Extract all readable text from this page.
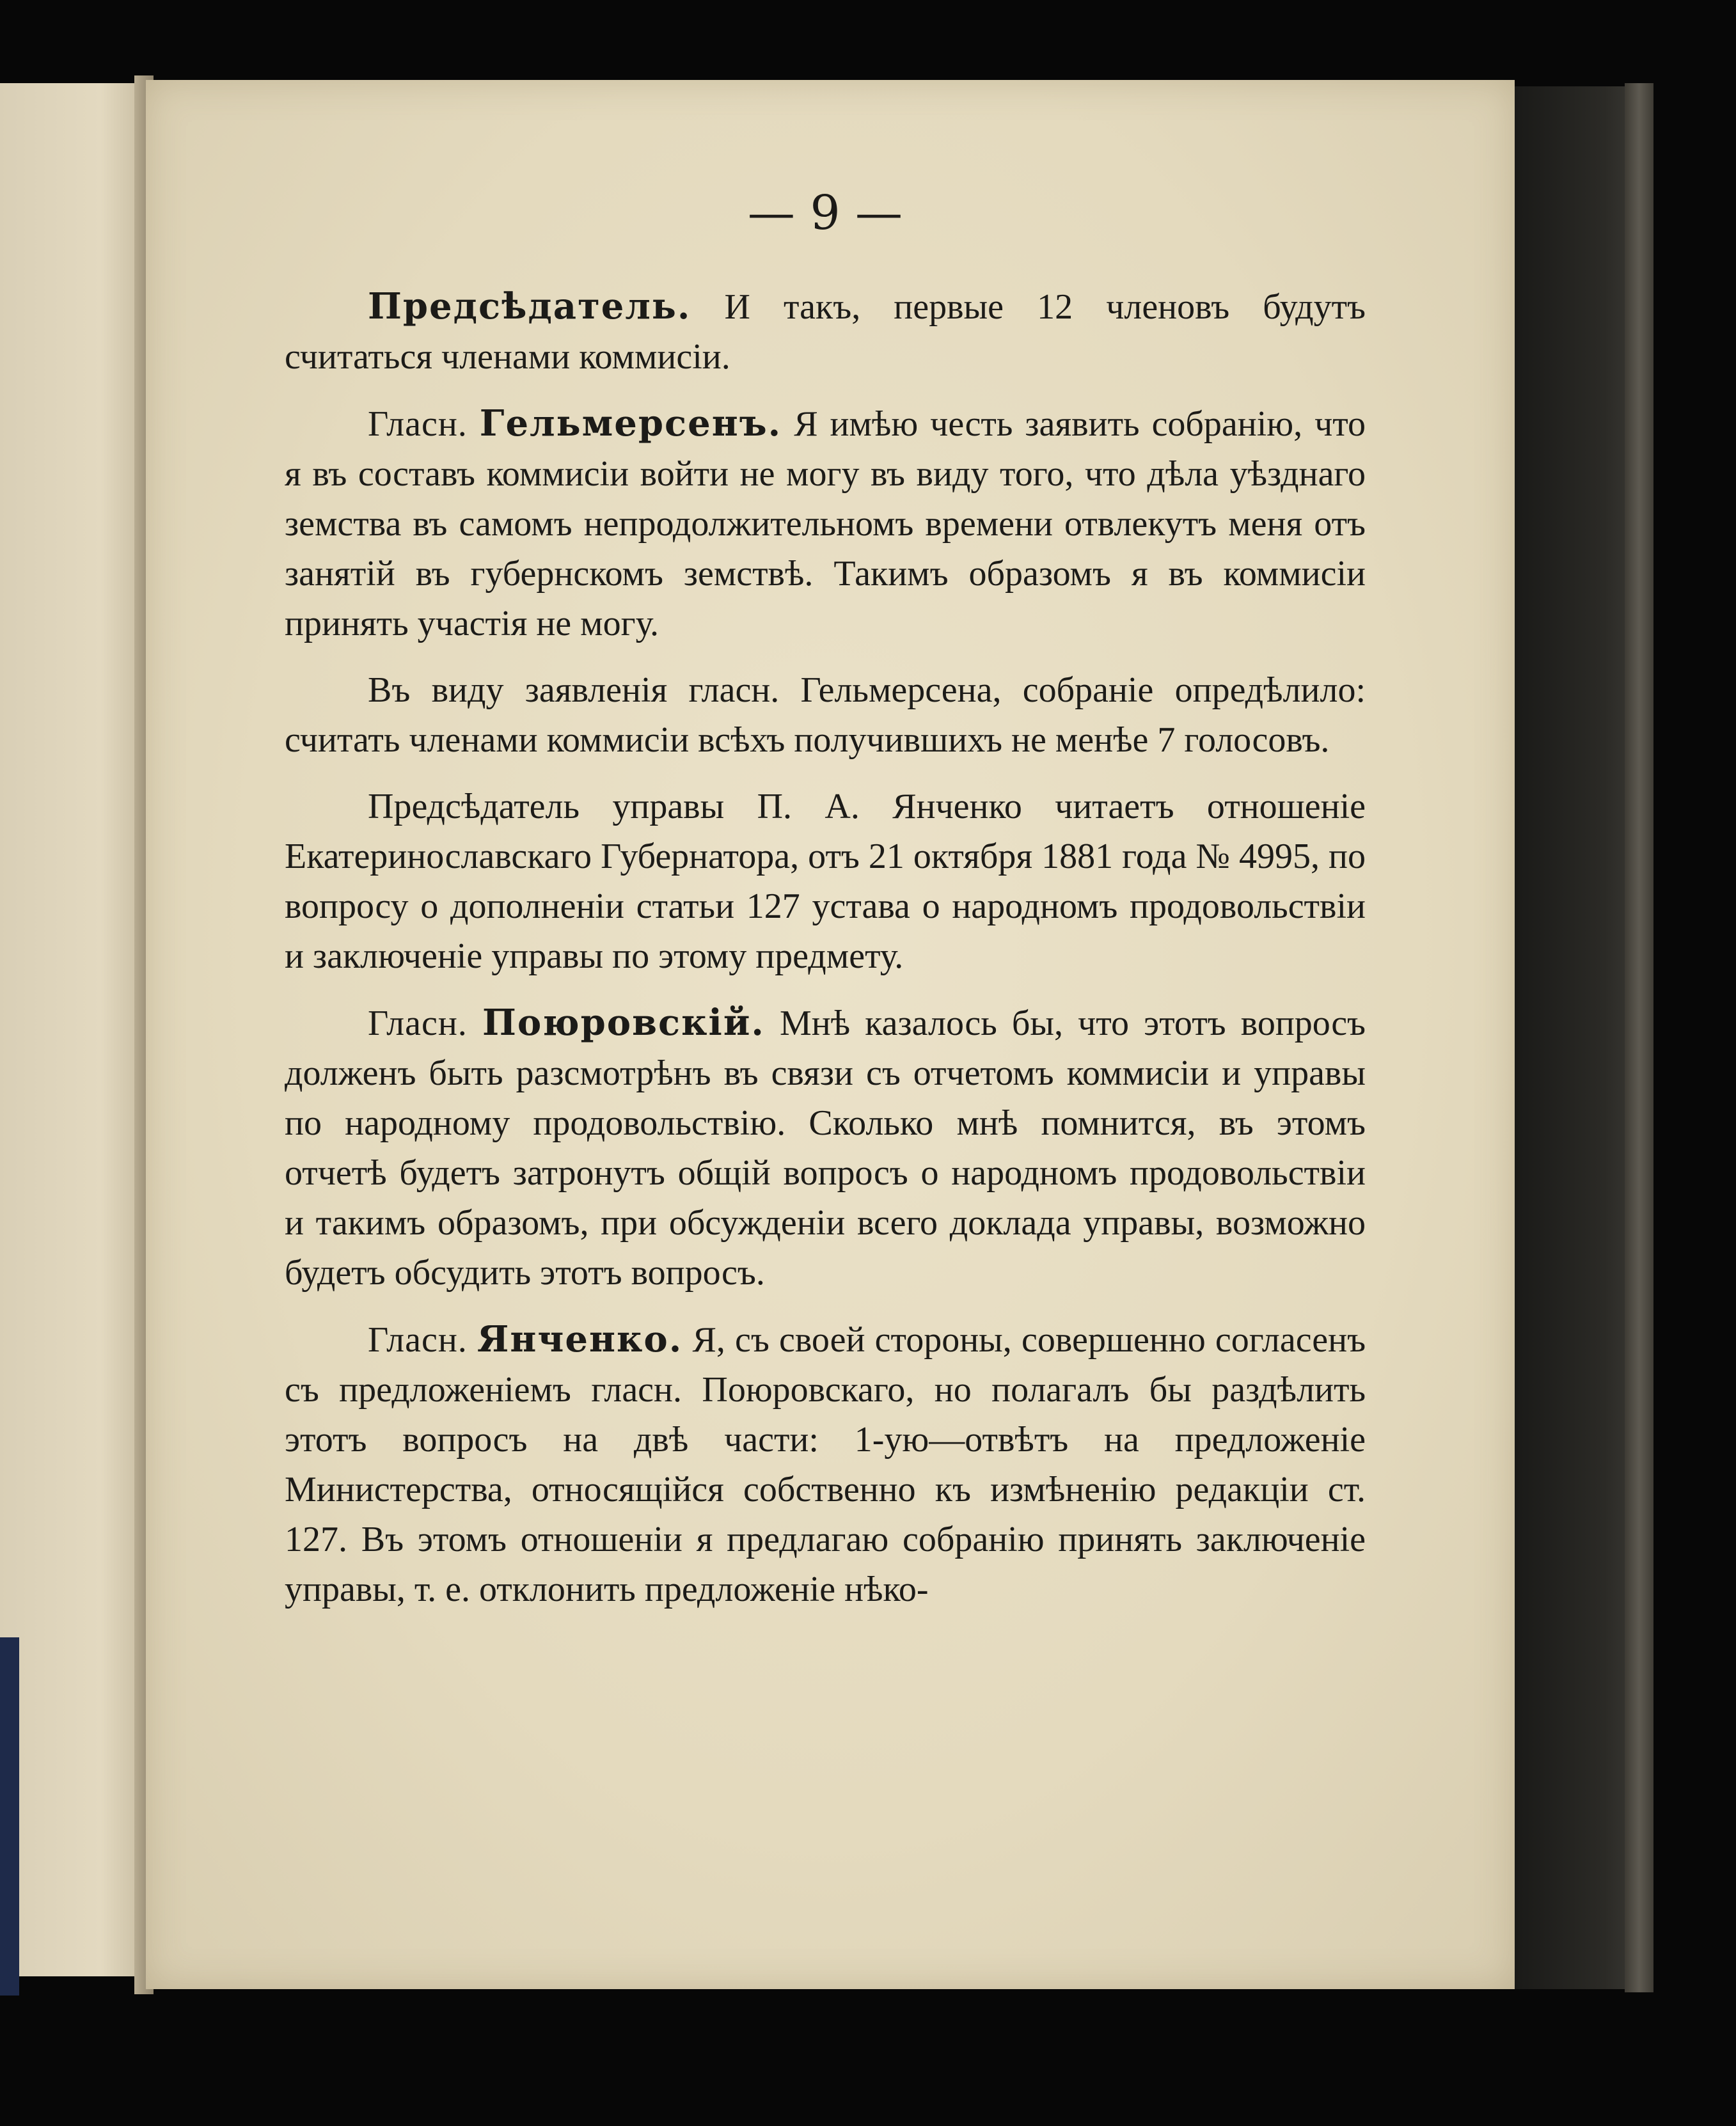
— 9 —

Предсѣдатель. И такъ, первые 12 членовъ будутъ считаться членами коммисіи.

Гласн. Гельмерсенъ. Я имѣю честь заявить собранію, что я въ составъ коммисіи войти не могу въ виду того, что дѣла уѣзднаго земства въ самомъ непродолжительномъ времени отвлекутъ меня отъ занятій въ губернскомъ земствѣ. Такимъ образомъ я въ коммисіи принять участія не могу.

Въ виду заявленія гласн. Гельмерсена, собраніе опредѣлило: считать членами коммисіи всѣхъ получившихъ не менѣе 7 голосовъ.

Предсѣдатель управы П. А. Янченко читаетъ отношеніе Екатеринославскаго Губернатора, отъ 21 октября 1881 года № 4995, по вопросу о дополненіи статьи 127 устава о народномъ продовольствіи и заключеніе управы по этому предмету.

Гласн. Поюровскій. Мнѣ казалось бы, что этотъ вопросъ долженъ быть разсмотрѣнъ въ связи съ отчетомъ коммисіи и управы по народному продовольствію. Сколько мнѣ помнится, въ этомъ отчетѣ будетъ затронутъ общій вопросъ о народномъ продовольствіи и такимъ образомъ, при обсужденіи всего доклада управы, возможно будетъ обсудить этотъ вопросъ.

Гласн. Янченко. Я, съ своей стороны, совершенно согласенъ съ предложеніемъ гласн. Поюровскаго, но полагалъ бы раздѣлить этотъ вопросъ на двѣ части: 1-ую—отвѣтъ на предложеніе Министерства, относящійся собственно къ измѣненію редакціи ст. 127. Въ этомъ отношеніи я предлагаю собранію принять заключеніе управы, т. е. отклонить предложеніе нѣко-
